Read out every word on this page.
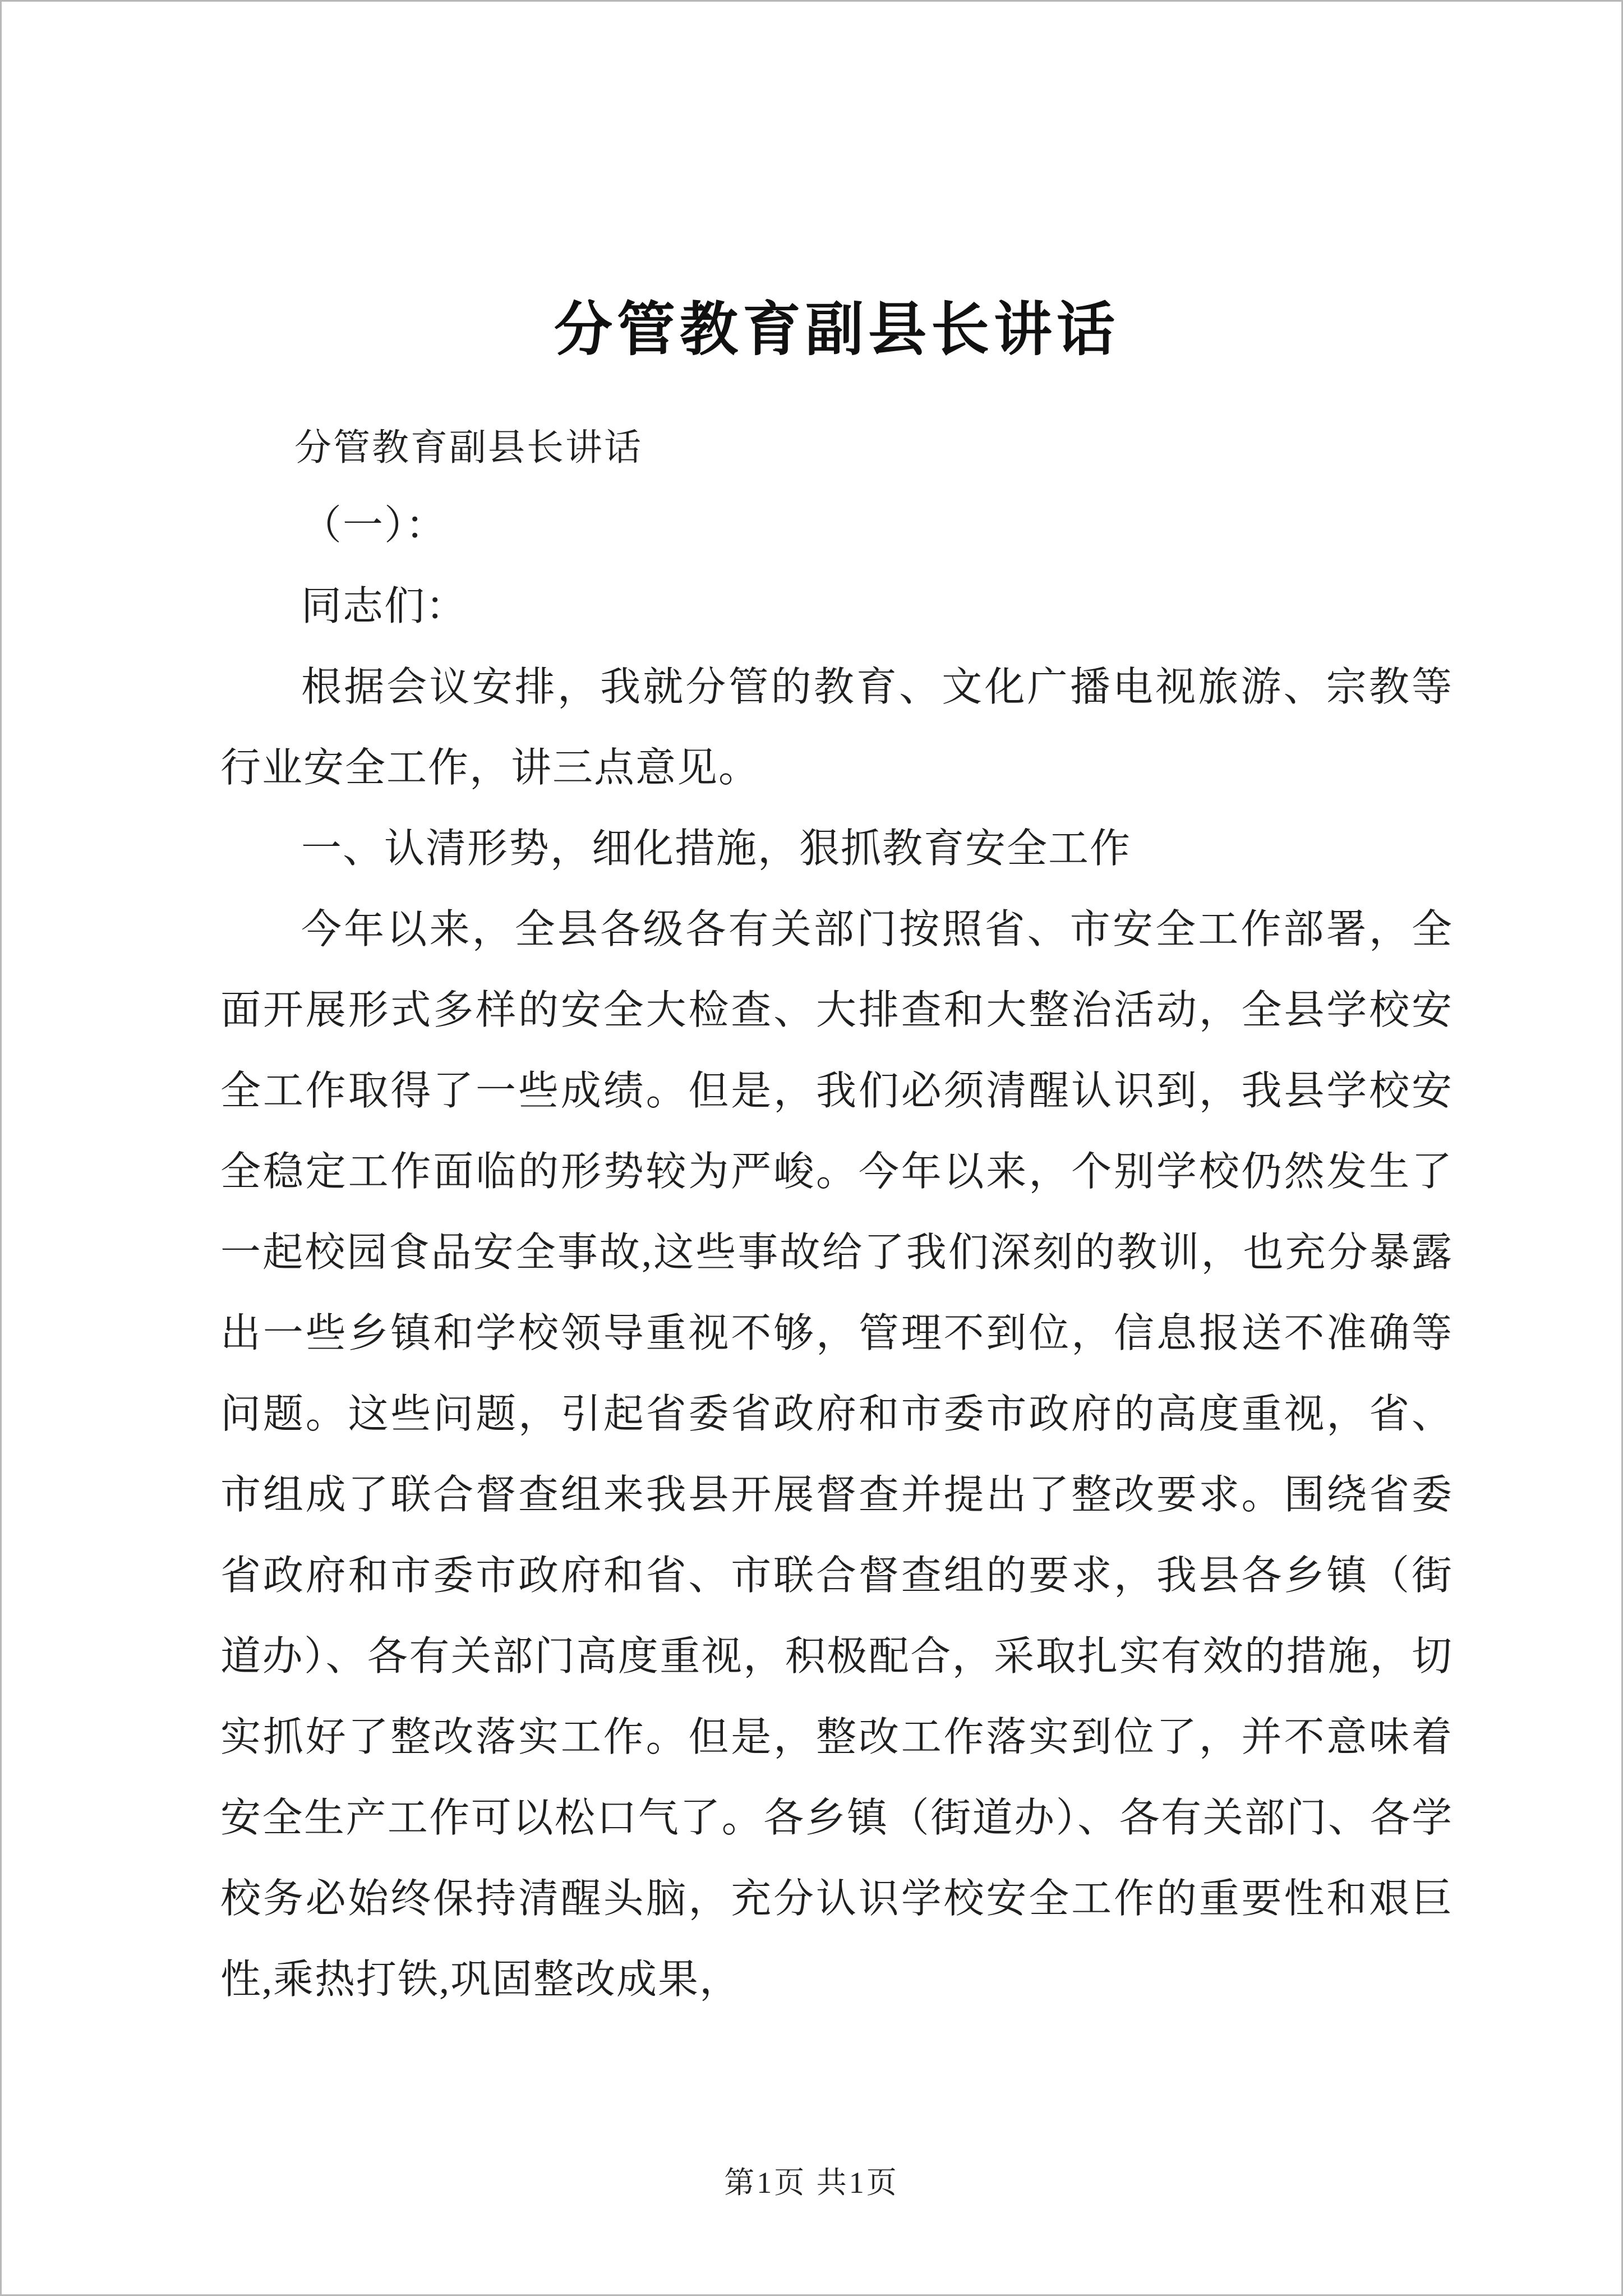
分管教育副县长讲话

分管教育副县长讲话

（一）：

同志们：

根据会议安排，我就分管的教育、文化广播电视旅游、宗教等行业安全工作，讲三点意见。

一、认清形势，细化措施，狠抓教育安全工作

今年以来，全县各级各有关部门按照省、市安全工作部署，全面开展形式多样的安全大检查、大排查和大整治活动，全县学校安全工作取得了一些成绩。但是，我们必须清醒认识到，我县学校安全稳定工作面临的形势较为严峻。今年以来，个别学校仍然发生了一起校园食品安全事故,这些事故给了我们深刻的教训，也充分暴露出一些乡镇和学校领导重视不够，管理不到位，信息报送不准确等问题。这些问题，引起省委省政府和市委市政府的高度重视，省、市组成了联合督查组来我县开展督查并提出了整改要求。围绕省委省政府和市委市政府和省、市联合督查组的要求，我县各乡镇（街道办）、各有关部门高度重视，积极配合，采取扎实有效的措施，切实抓好了整改落实工作。但是，整改工作落实到位了，并不意味着安全生产工作可以松口气了。各乡镇（街道办）、各有关部门、各学校务必始终保持清醒头脑，充分认识学校安全工作的重要性和艰巨性,乘热打铁,巩固整改成果，

第1页 共1页
